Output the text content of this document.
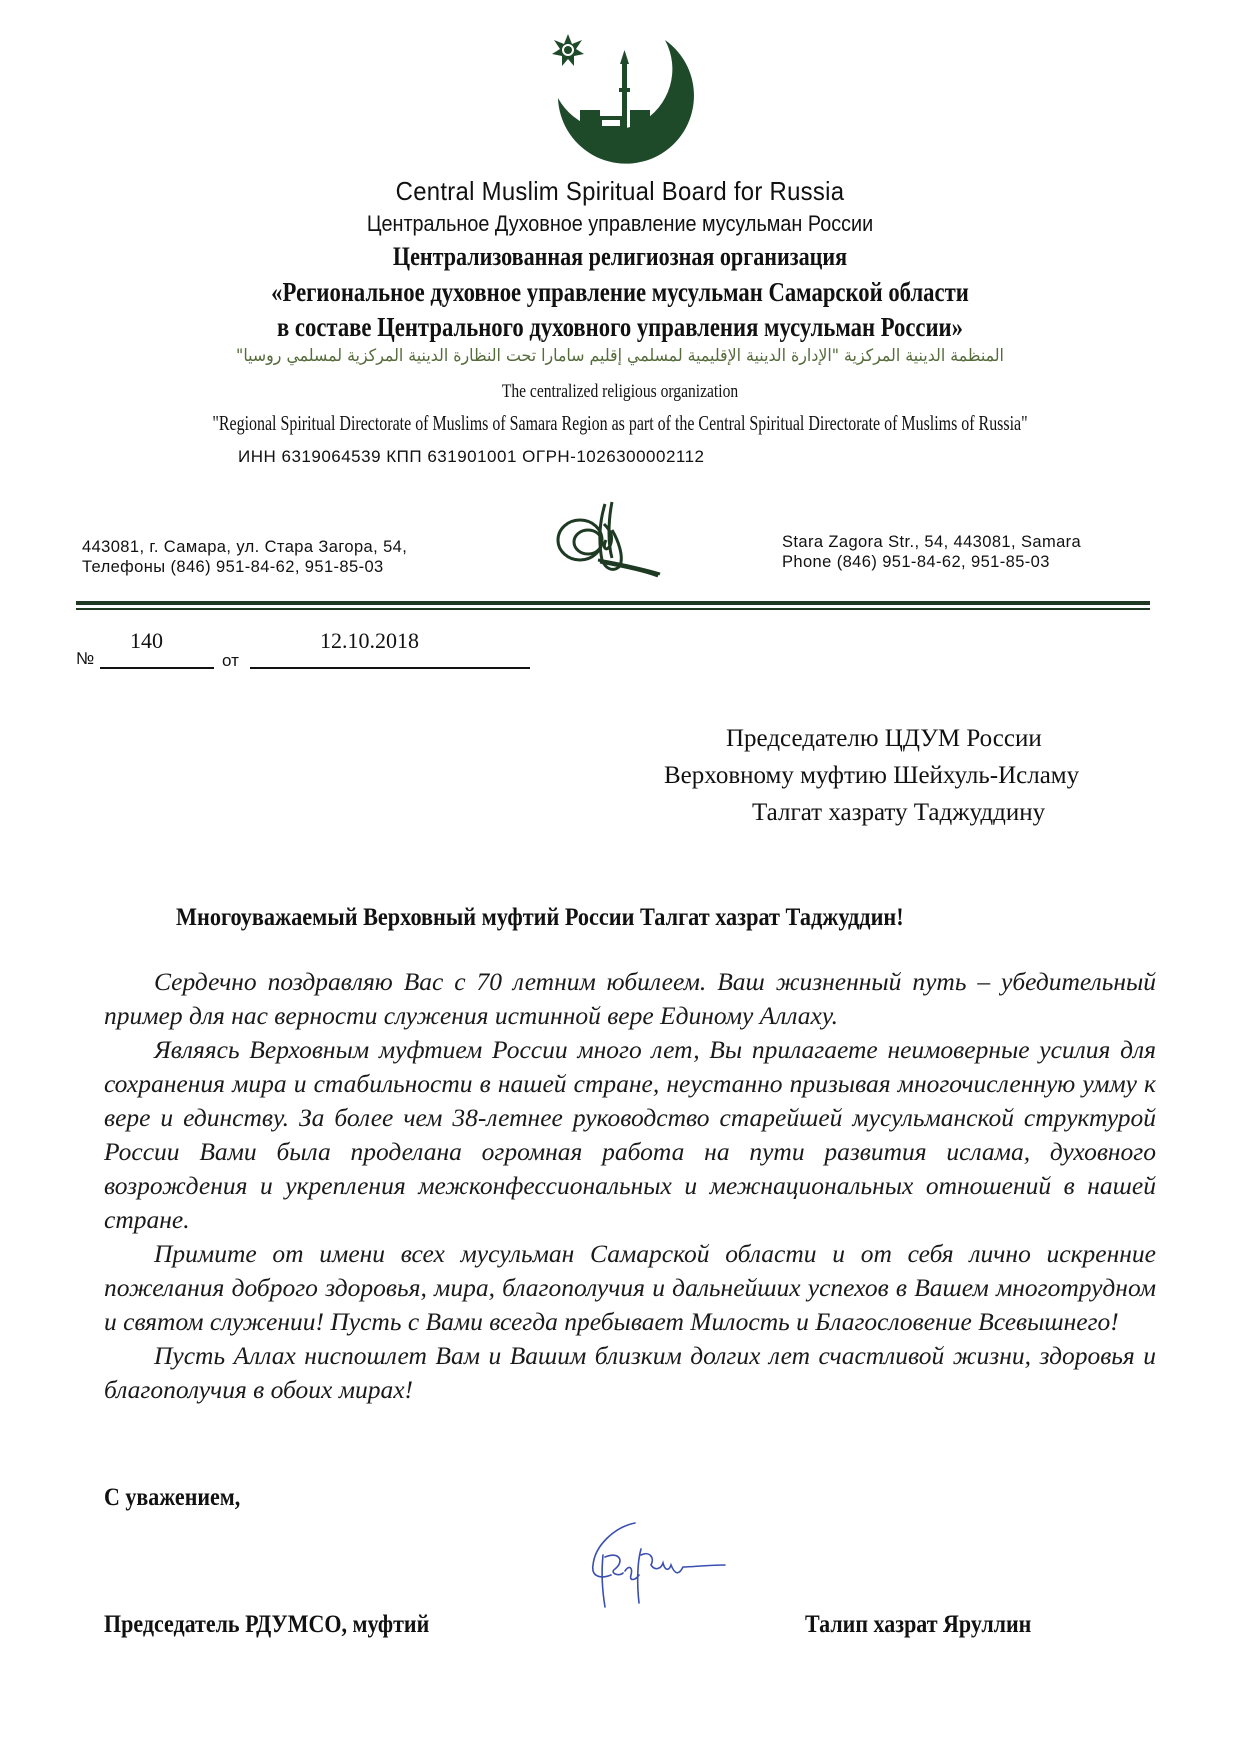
Central Muslim Spiritual Board for Russia
Центральное Духовное управление мусульман России
Централизованная религиозная организация
«Региональное духовное управление мусульман Самарской области
в составе Центрального духовного управления мусульман России»
المنظمة الدينية المركزية "الإدارة الدينية الإقليمية لمسلمي إقليم سامارا تحت النظارة الدينية المركزية لمسلمي روسيا"
The centralized religious organization
"Regional Spiritual Directorate of Muslims of Samara Region as part of the Central Spiritual Directorate of Muslims of Russia"
ИНН 6319064539 КПП 631901001 ОГРН-1026300002112
443081, г. Самара, ул. Стара Загора, 54,
Телефоны (846) 951-84-62, 951-85-03
Stara Zagora Str., 54, 443081, Samara
Phone (846) 951-84-62, 951-85-03
№
140
от
12.10.2018
Председателю ЦДУМ России
Верховному муфтию Шейхуль-Исламу
Талгат хазрату Таджуддину
Многоуважаемый Верховный муфтий России Талгат хазрат Таджуддин!

Сердечно поздравляю Вас с 70 летним юбилеем. Ваш жизненный путь – убедительный пример для нас верности служения истинной вере Единому Аллаху.

Являясь Верховным муфтием России много лет, Вы прилагаете неимоверные усилия для сохранения мира и стабильности в нашей стране, неустанно призывая многочисленную умму к вере и единству. За более чем 38-летнее руководство старейшей мусульманской структурой России Вами была проделана огромная работа на пути развития ислама, духовного возрождения и укрепления межконфессиональных и межнациональных отношений в нашей стране.

Примите от имени всех мусульман Самарской области и от себя лично искренние пожелания доброго здоровья, мира, благополучия и дальнейших успехов в Вашем многотрудном и святом служении! Пусть с Вами всегда пребывает Милость и Благословение Всевышнего!

Пусть Аллах ниспошлет Вам и Вашим близким долгих лет счастливой жизни, здоровья и благополучия в обоих мирах!

С уважением,
Председатель РДУМСО, муфтий	Талип хазрат Яруллин
